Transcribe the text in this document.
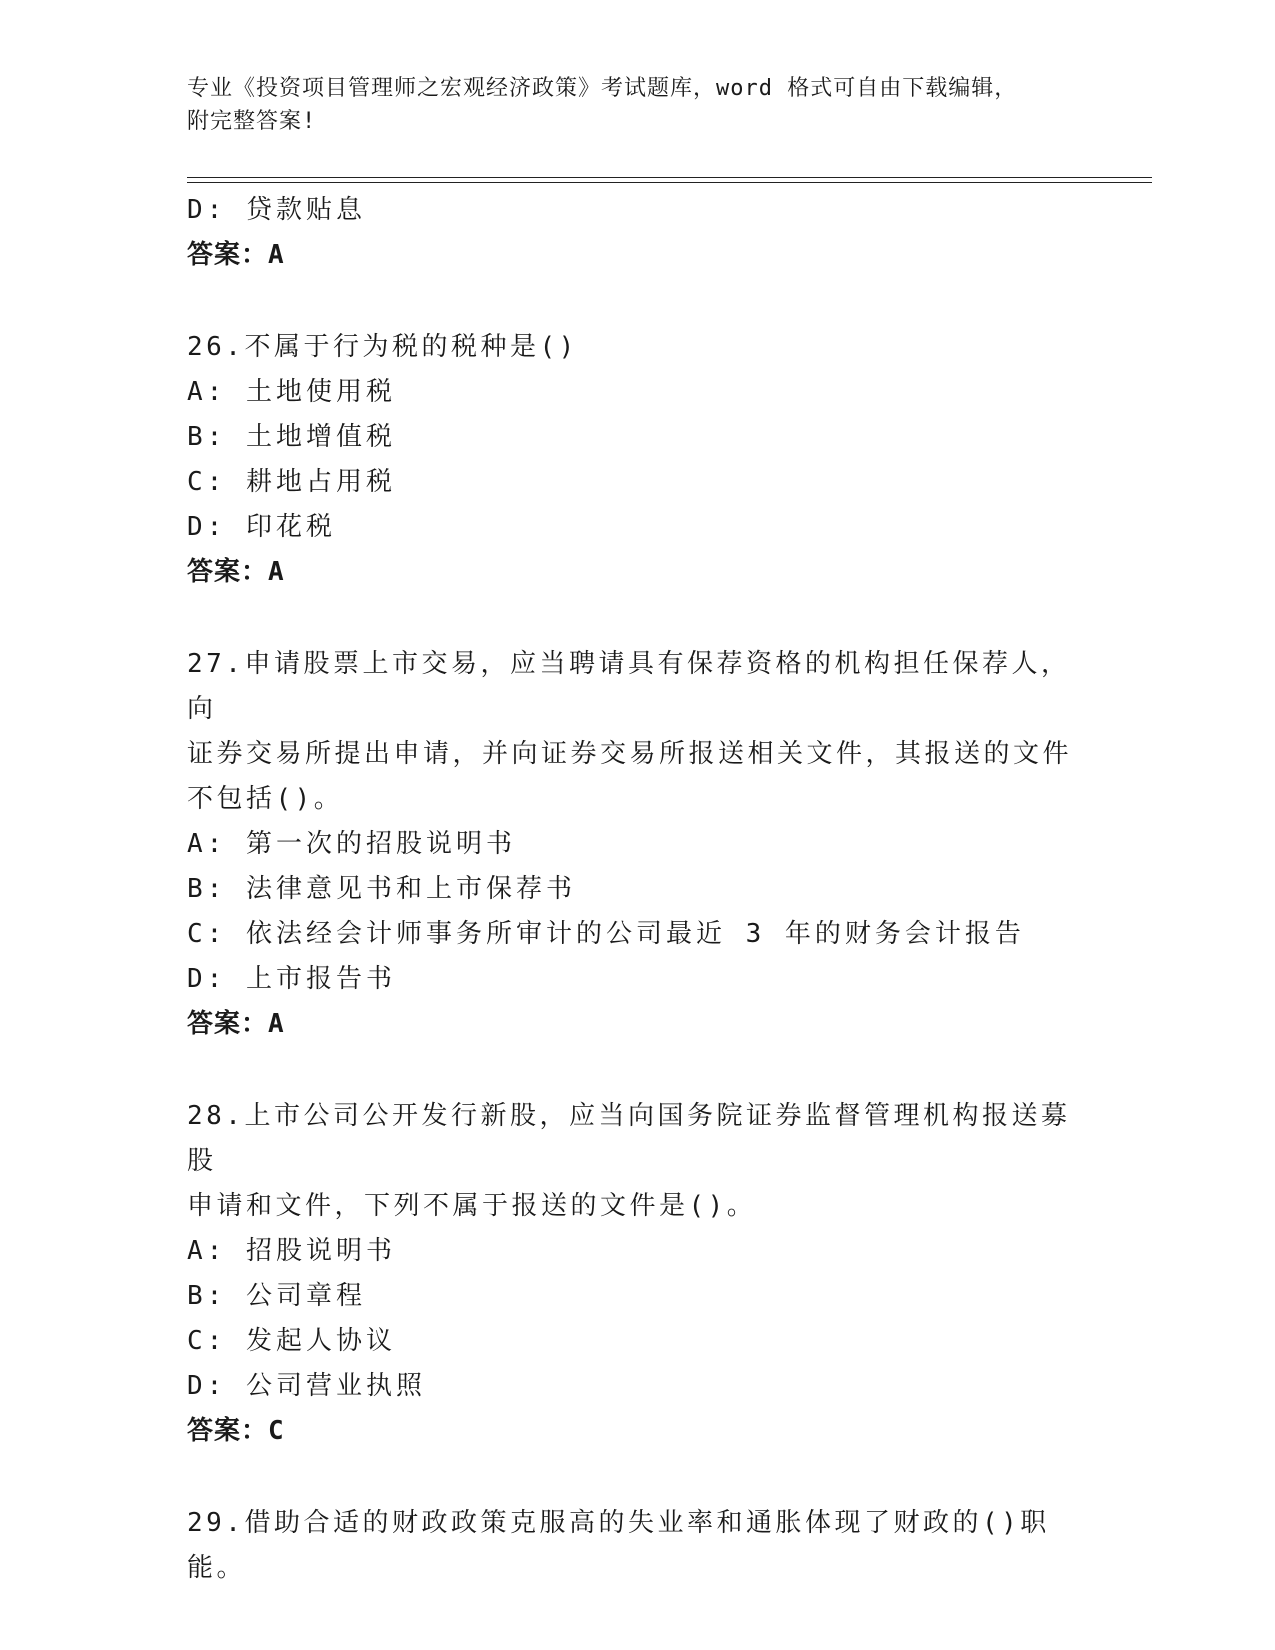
专业《投资项目管理师之宏观经济政策》考试题库，word 格式可自由下载编辑，
附完整答案!
D: 贷款贴息
答案：A
26.不属于行为税的税种是()
A: 土地使用税
B: 土地增值税
C: 耕地占用税
D: 印花税
答案：A
27.申请股票上市交易，应当聘请具有保荐资格的机构担任保荐人，向
证券交易所提出申请，并向证券交易所报送相关文件，其报送的文件
不包括()。
A: 第一次的招股说明书
B: 法律意见书和上市保荐书
C: 依法经会计师事务所审计的公司最近 3 年的财务会计报告
D: 上市报告书
答案：A
28.上市公司公开发行新股，应当向国务院证券监督管理机构报送募股
申请和文件，下列不属于报送的文件是()。
A: 招股说明书
B: 公司章程
C: 发起人协议
D: 公司营业执照
答案：C
29.借助合适的财政政策克服高的失业率和通胀体现了财政的()职能。
